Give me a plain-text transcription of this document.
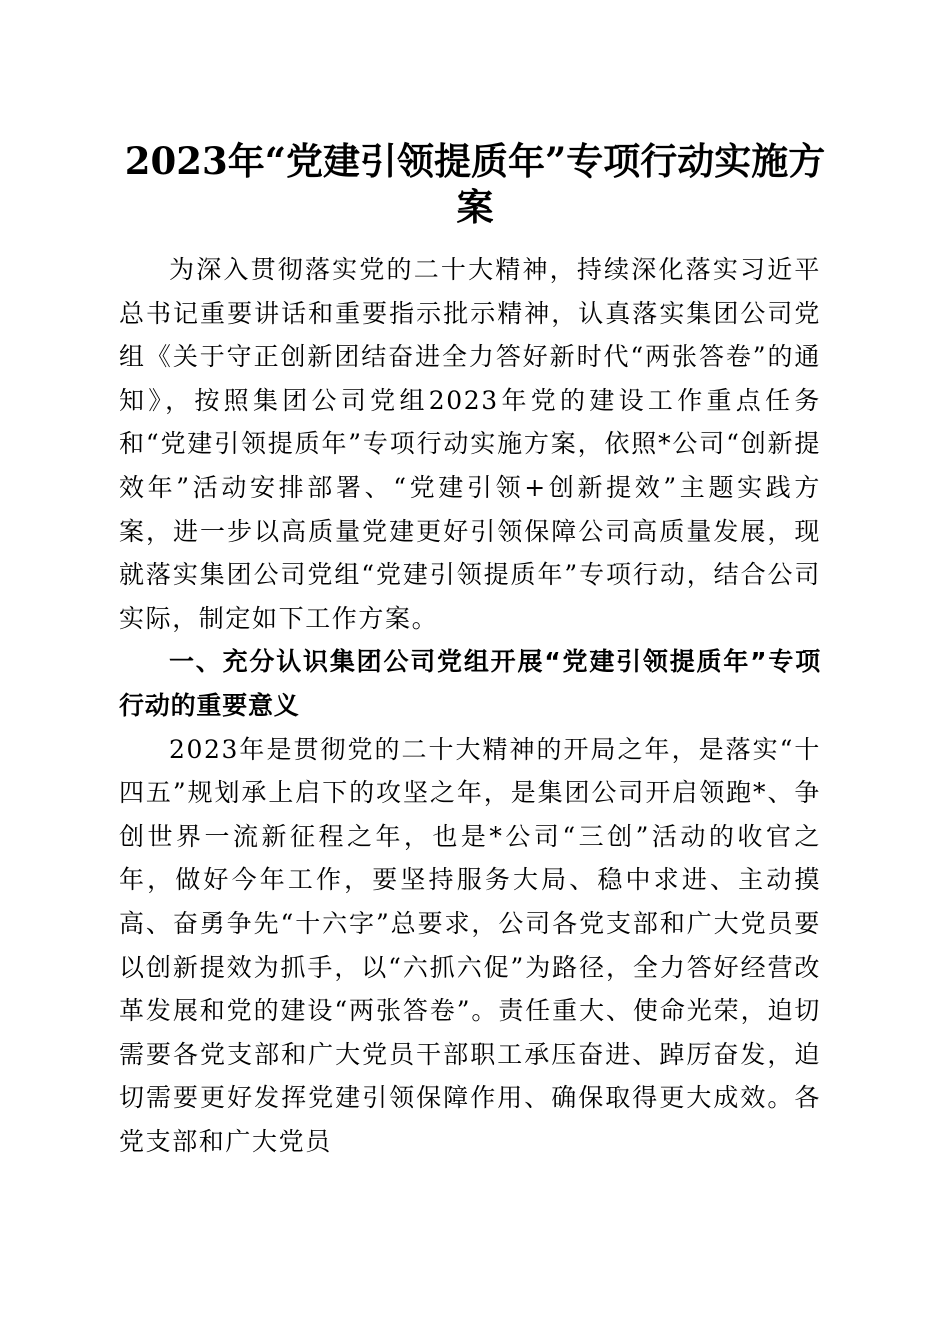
2023年“党建引领提质年”专项行动实施方案

为深入贯彻落实党的二十大精神，持续深化落实习近平总书记重要讲话和重要指示批示精神，认真落实集团公司党组《关于守正创新团结奋进全力答好新时代“两张答卷”的通知》，按照集团公司党组2023年党的建设工作重点任务和“党建引领提质年”专项行动实施方案，依照*公司“创新提效年”活动安排部署、“党建引领+创新提效”主题实践方案，进一步以高质量党建更好引领保障公司高质量发展，现就落实集团公司党组“党建引领提质年”专项行动，结合公司实际，制定如下工作方案。

一、充分认识集团公司党组开展“党建引领提质年”专项行动的重要意义

2023年是贯彻党的二十大精神的开局之年，是落实“十四五”规划承上启下的攻坚之年，是集团公司开启领跑*、争创世界一流新征程之年，也是*公司“三创”活动的收官之年，做好今年工作，要坚持服务大局、稳中求进、主动摸高、奋勇争先“十六字”总要求，公司各党支部和广大党员要以创新提效为抓手，以“六抓六促”为路径，全力答好经营改革发展和党的建设“两张答卷”。责任重大、使命光荣，迫切需要各党支部和广大党员干部职工承压奋进、踔厉奋发，迫切需要更好发挥党建引领保障作用、确保取得更大成效。各党支部和广大党员
